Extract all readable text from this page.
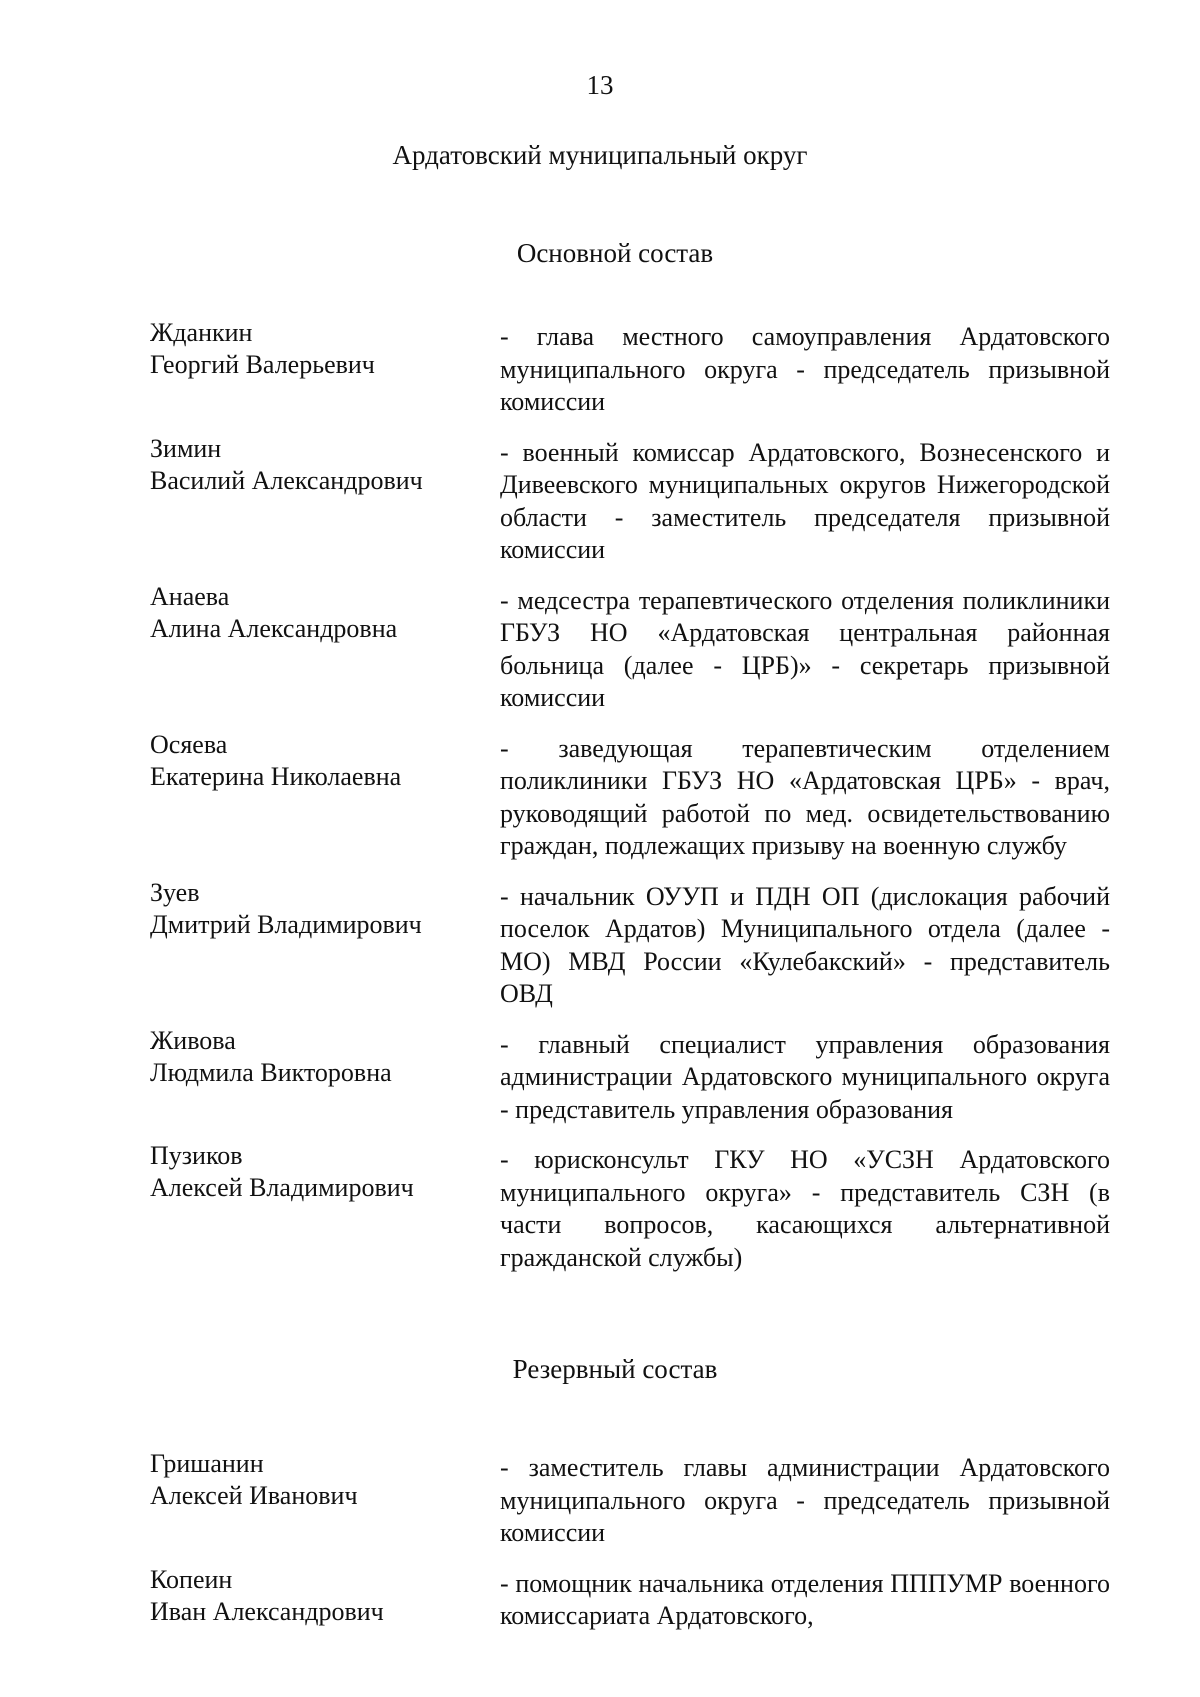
13
Ардатовский муниципальный округ
Основной состав
Жданкин
Георгий Валерьевич
- глава местного самоуправления Ардатовского муниципального округа - председатель призывной комиссии
Зимин
Василий Александрович
- военный комиссар Ардатовского, Вознесенского и Дивеевского муниципальных округов Нижегородской области - заместитель председателя призывной комиссии
Анаева
Алина Александровна
- медсестра терапевтического отделения поликлиники ГБУЗ НО «Ардатовская центральная районная больница (далее - ЦРБ)» - секретарь призывной комиссии
Осяева
Екатерина Николаевна
- заведующая терапевтическим отделением поликлиники ГБУЗ НО «Ардатовская ЦРБ» - врач, руководящий работой по мед. освидетельствованию граждан, подлежащих призыву на военную службу
Зуев
Дмитрий Владимирович
- начальник ОУУП и ПДН ОП (дислокация рабочий поселок Ардатов) Муниципального отдела (далее - МО) МВД России «Кулебакский» - представитель ОВД
Живова
Людмила Викторовна
- главный специалист управления образования администрации Ардатовского муниципального округа - представитель управления образования
Пузиков
Алексей Владимирович
- юрисконсульт ГКУ НО «УСЗН Ардатовского муниципального округа» - представитель СЗН (в части вопросов, касающихся альтернативной гражданской службы)
Резервный состав
Гришанин
Алексей Иванович
- заместитель главы администрации Ардатовского муниципального округа - председатель призывной комиссии
Копеин
Иван Александрович
- помощник начальника отделения ПППУМР военного комиссариата Ардатовского,
